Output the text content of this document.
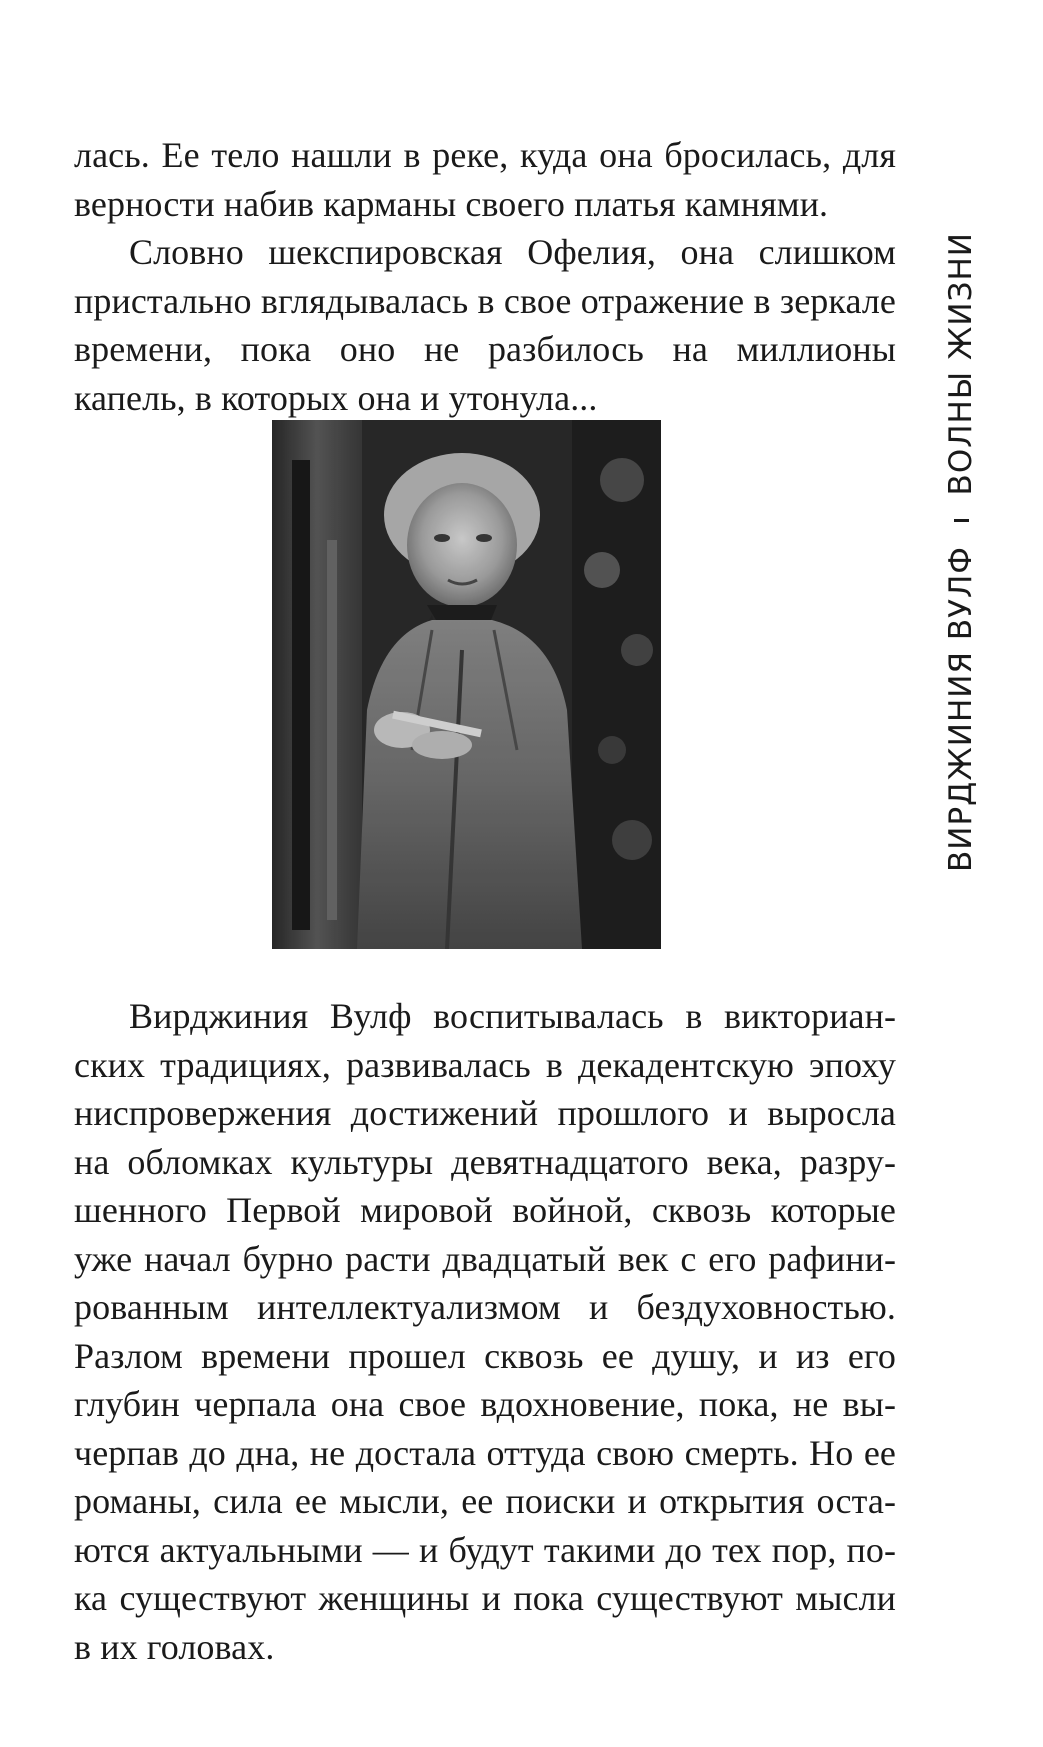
лась. Ее тело нашли в реке, куда она бросилась, для верности набив карманы своего платья камнями.

Словно шекспировская Офелия, она слишком пристально вглядывалась в свое отражение в зеркале времени, пока оно не разбилось на миллионы капель, в которых она и утонула...

Вирджиния Вулф воспитывалась в викторианских традициях, развивалась в декадентскую эпоху ниспровержения достижений прошлого и выросла на обломках культуры девятнадцатого века, разрушенного Первой мировой войной, сквозь которые уже начал бурно расти двадцатый век с его рафинированным интеллектуализмом и бездуховностью. Разлом времени прошел сквозь ее душу, и из его глубин черпала она свое вдохновение, пока, не вычерпав до дна, не достала оттуда свою смерть. Но ее романы, сила ее мысли, ее поиски и открытия остаются актуальными — и будут такими до тех пор, пока существуют женщины и пока существуют мысли в их головах.

ВИРДЖИНИЯ ВУЛФ
ВОЛНЫ ЖИЗНИ
